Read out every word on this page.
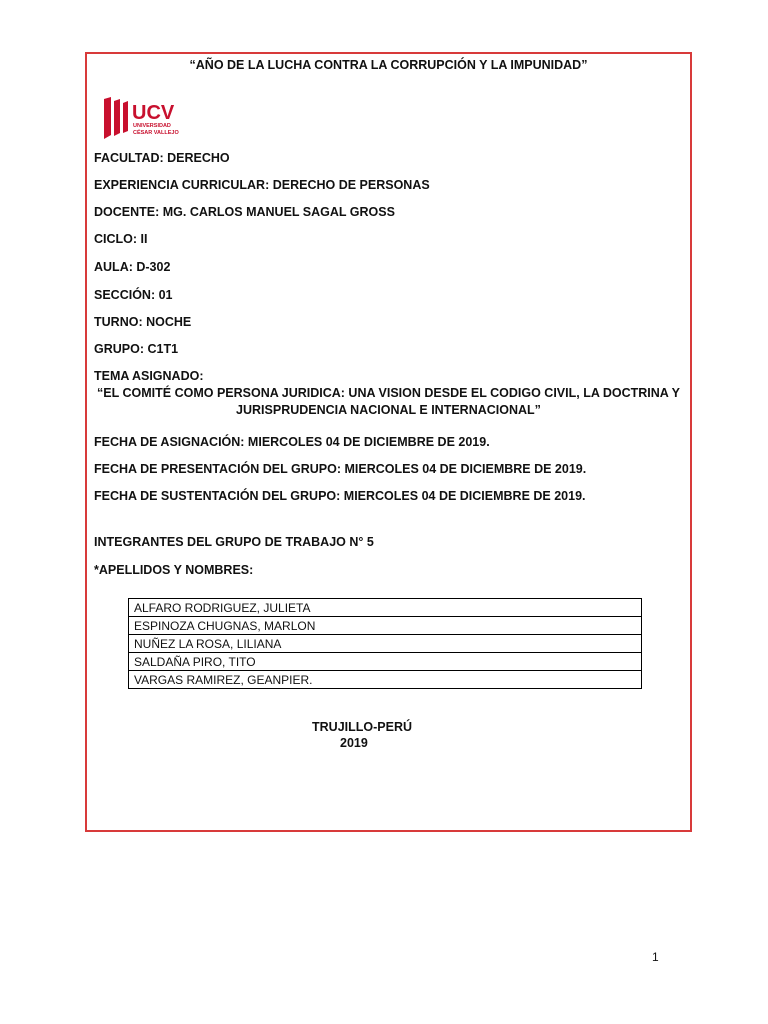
“AÑO DE LA LUCHA CONTRA LA CORRUPCIÓN Y LA IMPUNIDAD”
UCV
UNIVERSIDAD
CÉSAR VALLEJO
FACULTAD: DERECHO
EXPERIENCIA CURRICULAR: DERECHO DE PERSONAS
DOCENTE: MG. CARLOS MANUEL SAGAL GROSS
CICLO: II
AULA: D-302
SECCIÓN: 01
TURNO: NOCHE
GRUPO: C1T1
TEMA ASIGNADO:
“EL COMITÉ COMO PERSONA JURIDICA: UNA VISION DESDE EL CODIGO CIVIL, LA DOCTRINA Y
JURISPRUDENCIA NACIONAL E INTERNACIONAL”
FECHA DE ASIGNACIÓN: MIERCOLES 04 DE DICIEMBRE DE 2019.
FECHA DE PRESENTACIÓN DEL GRUPO: MIERCOLES 04 DE DICIEMBRE DE 2019.
FECHA DE SUSTENTACIÓN DEL GRUPO: MIERCOLES 04 DE DICIEMBRE DE 2019.
INTEGRANTES DEL GRUPO DE TRABAJO N° 5
*APELLIDOS Y NOMBRES:
ALFARO RODRIGUEZ, JULIETA
ESPINOZA CHUGNAS, MARLON
NUÑEZ LA ROSA, LILIANA
SALDAÑA PIRO, TITO
VARGAS RAMIREZ, GEANPIER.
TRUJILLO-PERÚ
2019
1
